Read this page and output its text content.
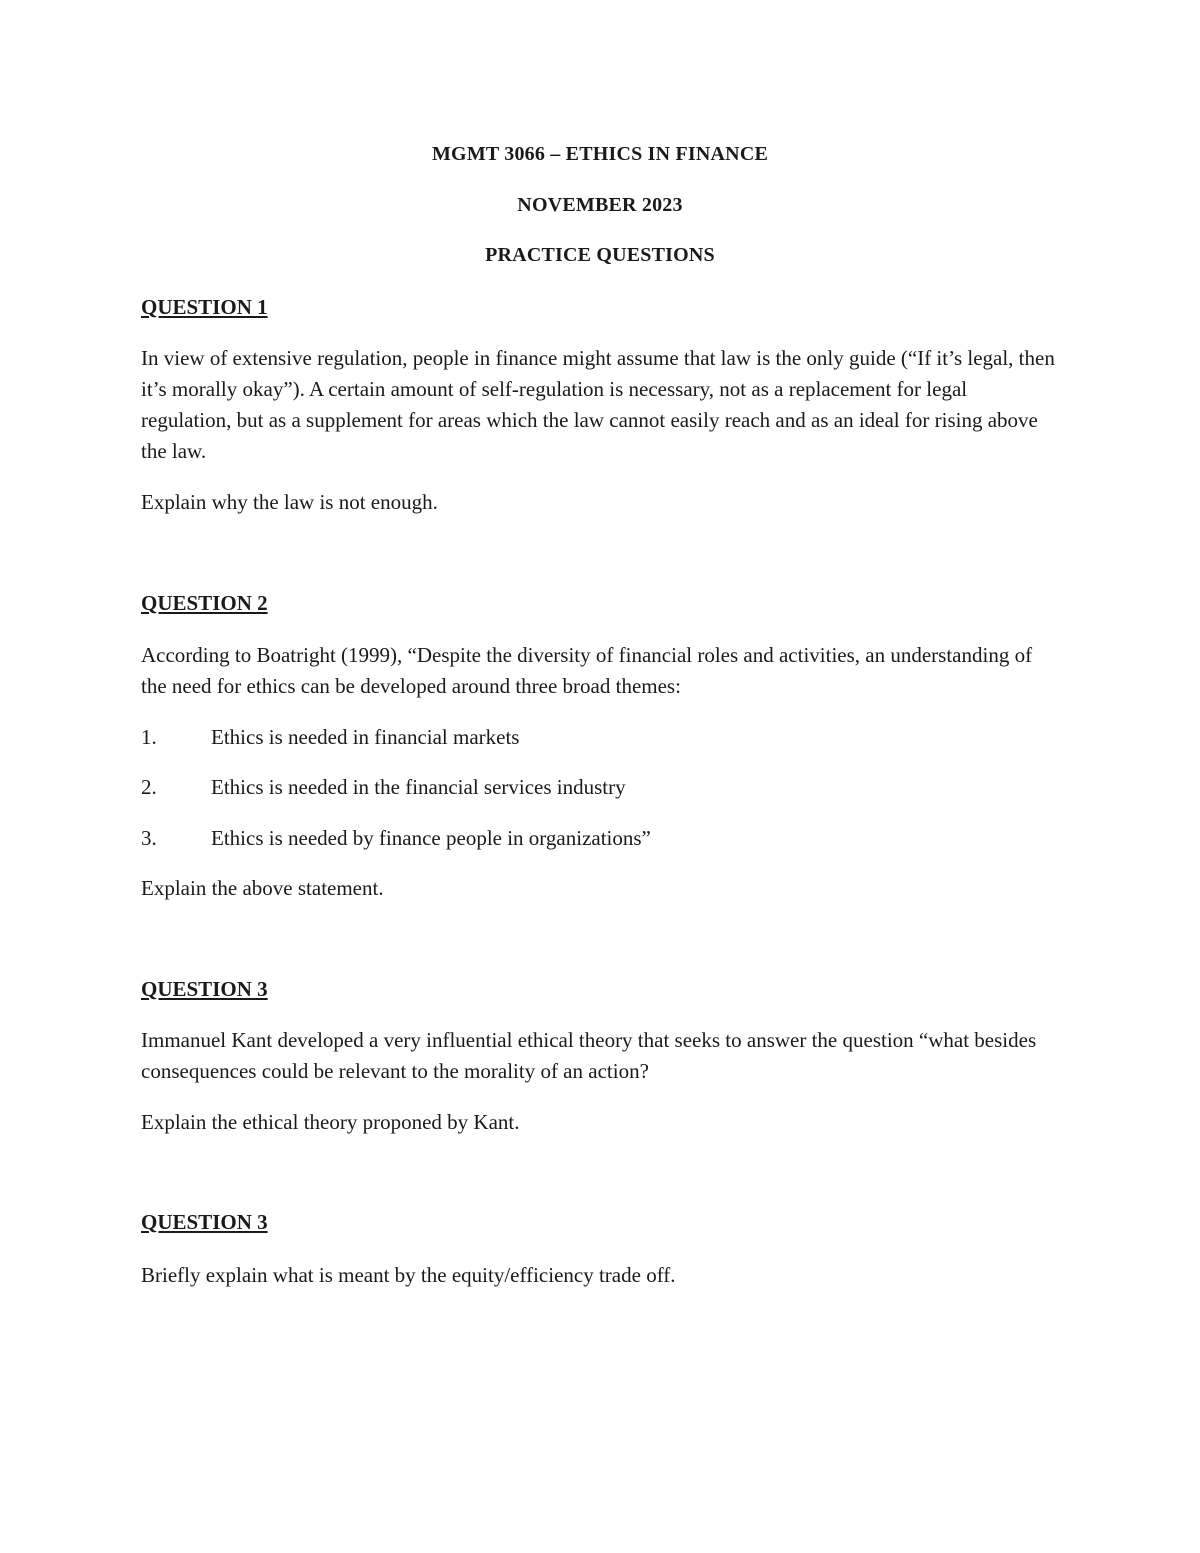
MGMT 3066 – ETHICS IN FINANCE
NOVEMBER 2023
PRACTICE QUESTIONS
QUESTION 1
In view of extensive regulation, people in finance might assume that law is the only guide (“If it’s legal, then it’s morally okay”). A certain amount of self-regulation is necessary, not as a replacement for legal regulation, but as a supplement for areas which the law cannot easily reach and as an ideal for rising above the law.
Explain why the law is not enough.
QUESTION 2
According to Boatright (1999), “Despite the diversity of financial roles and activities, an understanding of the need for ethics can be developed around three broad themes:
1.	Ethics is needed in financial markets
2.	Ethics is needed in the financial services industry
3.	Ethics is needed by finance people in organizations”
Explain the above statement.
QUESTION 3
Immanuel Kant developed a very influential ethical theory that seeks to answer the question “what besides consequences could be relevant to the morality of an action?
Explain the ethical theory proponed by Kant.
QUESTION 3
Briefly explain what is meant by the equity/efficiency trade off.
